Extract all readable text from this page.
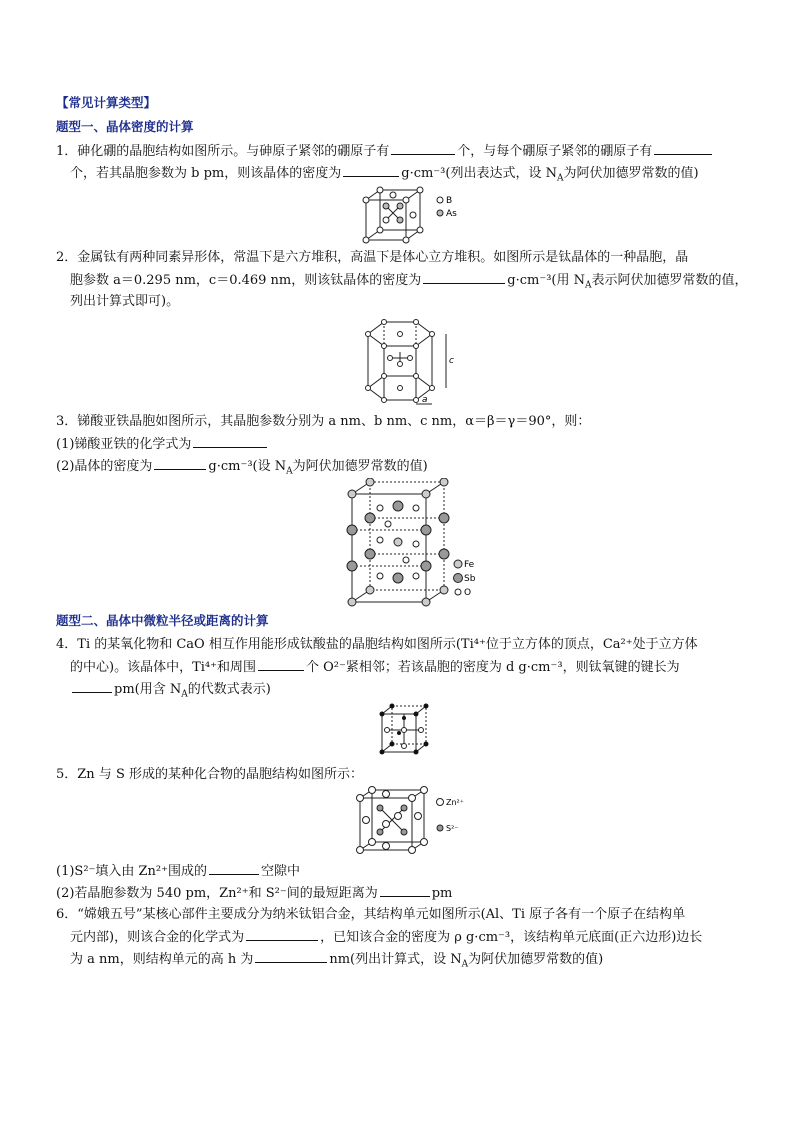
【常见计算类型】
题型一、晶体密度的计算
1．砷化硼的晶胞结构如图所示。与砷原子紧邻的硼原子有	个，与每个硼原子紧邻的硼原子有
个，若其晶胞参数为 b pm，则该晶体的密度为	g·cm⁻³(列出表达式，设 $N_A$为阿伏加德罗常数的值)
B
As
2．金属钛有两种同素异形体，常温下是六方堆积，高温下是体心立方堆积。如图所示是钛晶体的一种晶胞，晶
胞参数 a＝0.295 nm，c＝0.469 nm，则该钛晶体的密度为	g·cm⁻³(用 $N_A$表示阿伏加德罗常数的值，
列出计算式即可)。
c
a
3．锑酸亚铁晶胞如图所示，其晶胞参数分别为 a nm、b nm、c nm，α＝β＝γ＝90°，则：
(1)锑酸亚铁的化学式为
(2)晶体的密度为	g·cm⁻³(设 $N_A$为阿伏加德罗常数的值)
Fe
Sb
O
题型二、晶体中微粒半径或距离的计算
4．Ti 的某氧化物和 CaO 相互作用能形成钛酸盐的晶胞结构如图所示(Ti⁴⁺位于立方体的顶点，Ca²⁺处于立方体
的中心)。该晶体中，Ti⁴⁺和周围	个 O²⁻紧相邻；若该晶胞的密度为 d g·cm⁻³，则钛氧键的键长为
pm(用含 $N_A$的代数式表示)
5．Zn 与 S 形成的某种化合物的晶胞结构如图所示：
Zn²⁺
S²⁻
(1)S²⁻填入由 Zn²⁺围成的	空隙中
(2)若晶胞参数为 540 pm，Zn²⁺和 S²⁻间的最短距离为	pm
6．“嫦娥五号”某核心部件主要成分为纳米钛铝合金，其结构单元如图所示(Al、Ti 原子各有一个原子在结构单
元内部)，则该合金的化学式为	，已知该合金的密度为 ρ g·cm⁻³，该结构单元底面(正六边形)边长
为 a nm，则结构单元的高 h 为	nm(列出计算式，设 $N_A$为阿伏加德罗常数的值)
